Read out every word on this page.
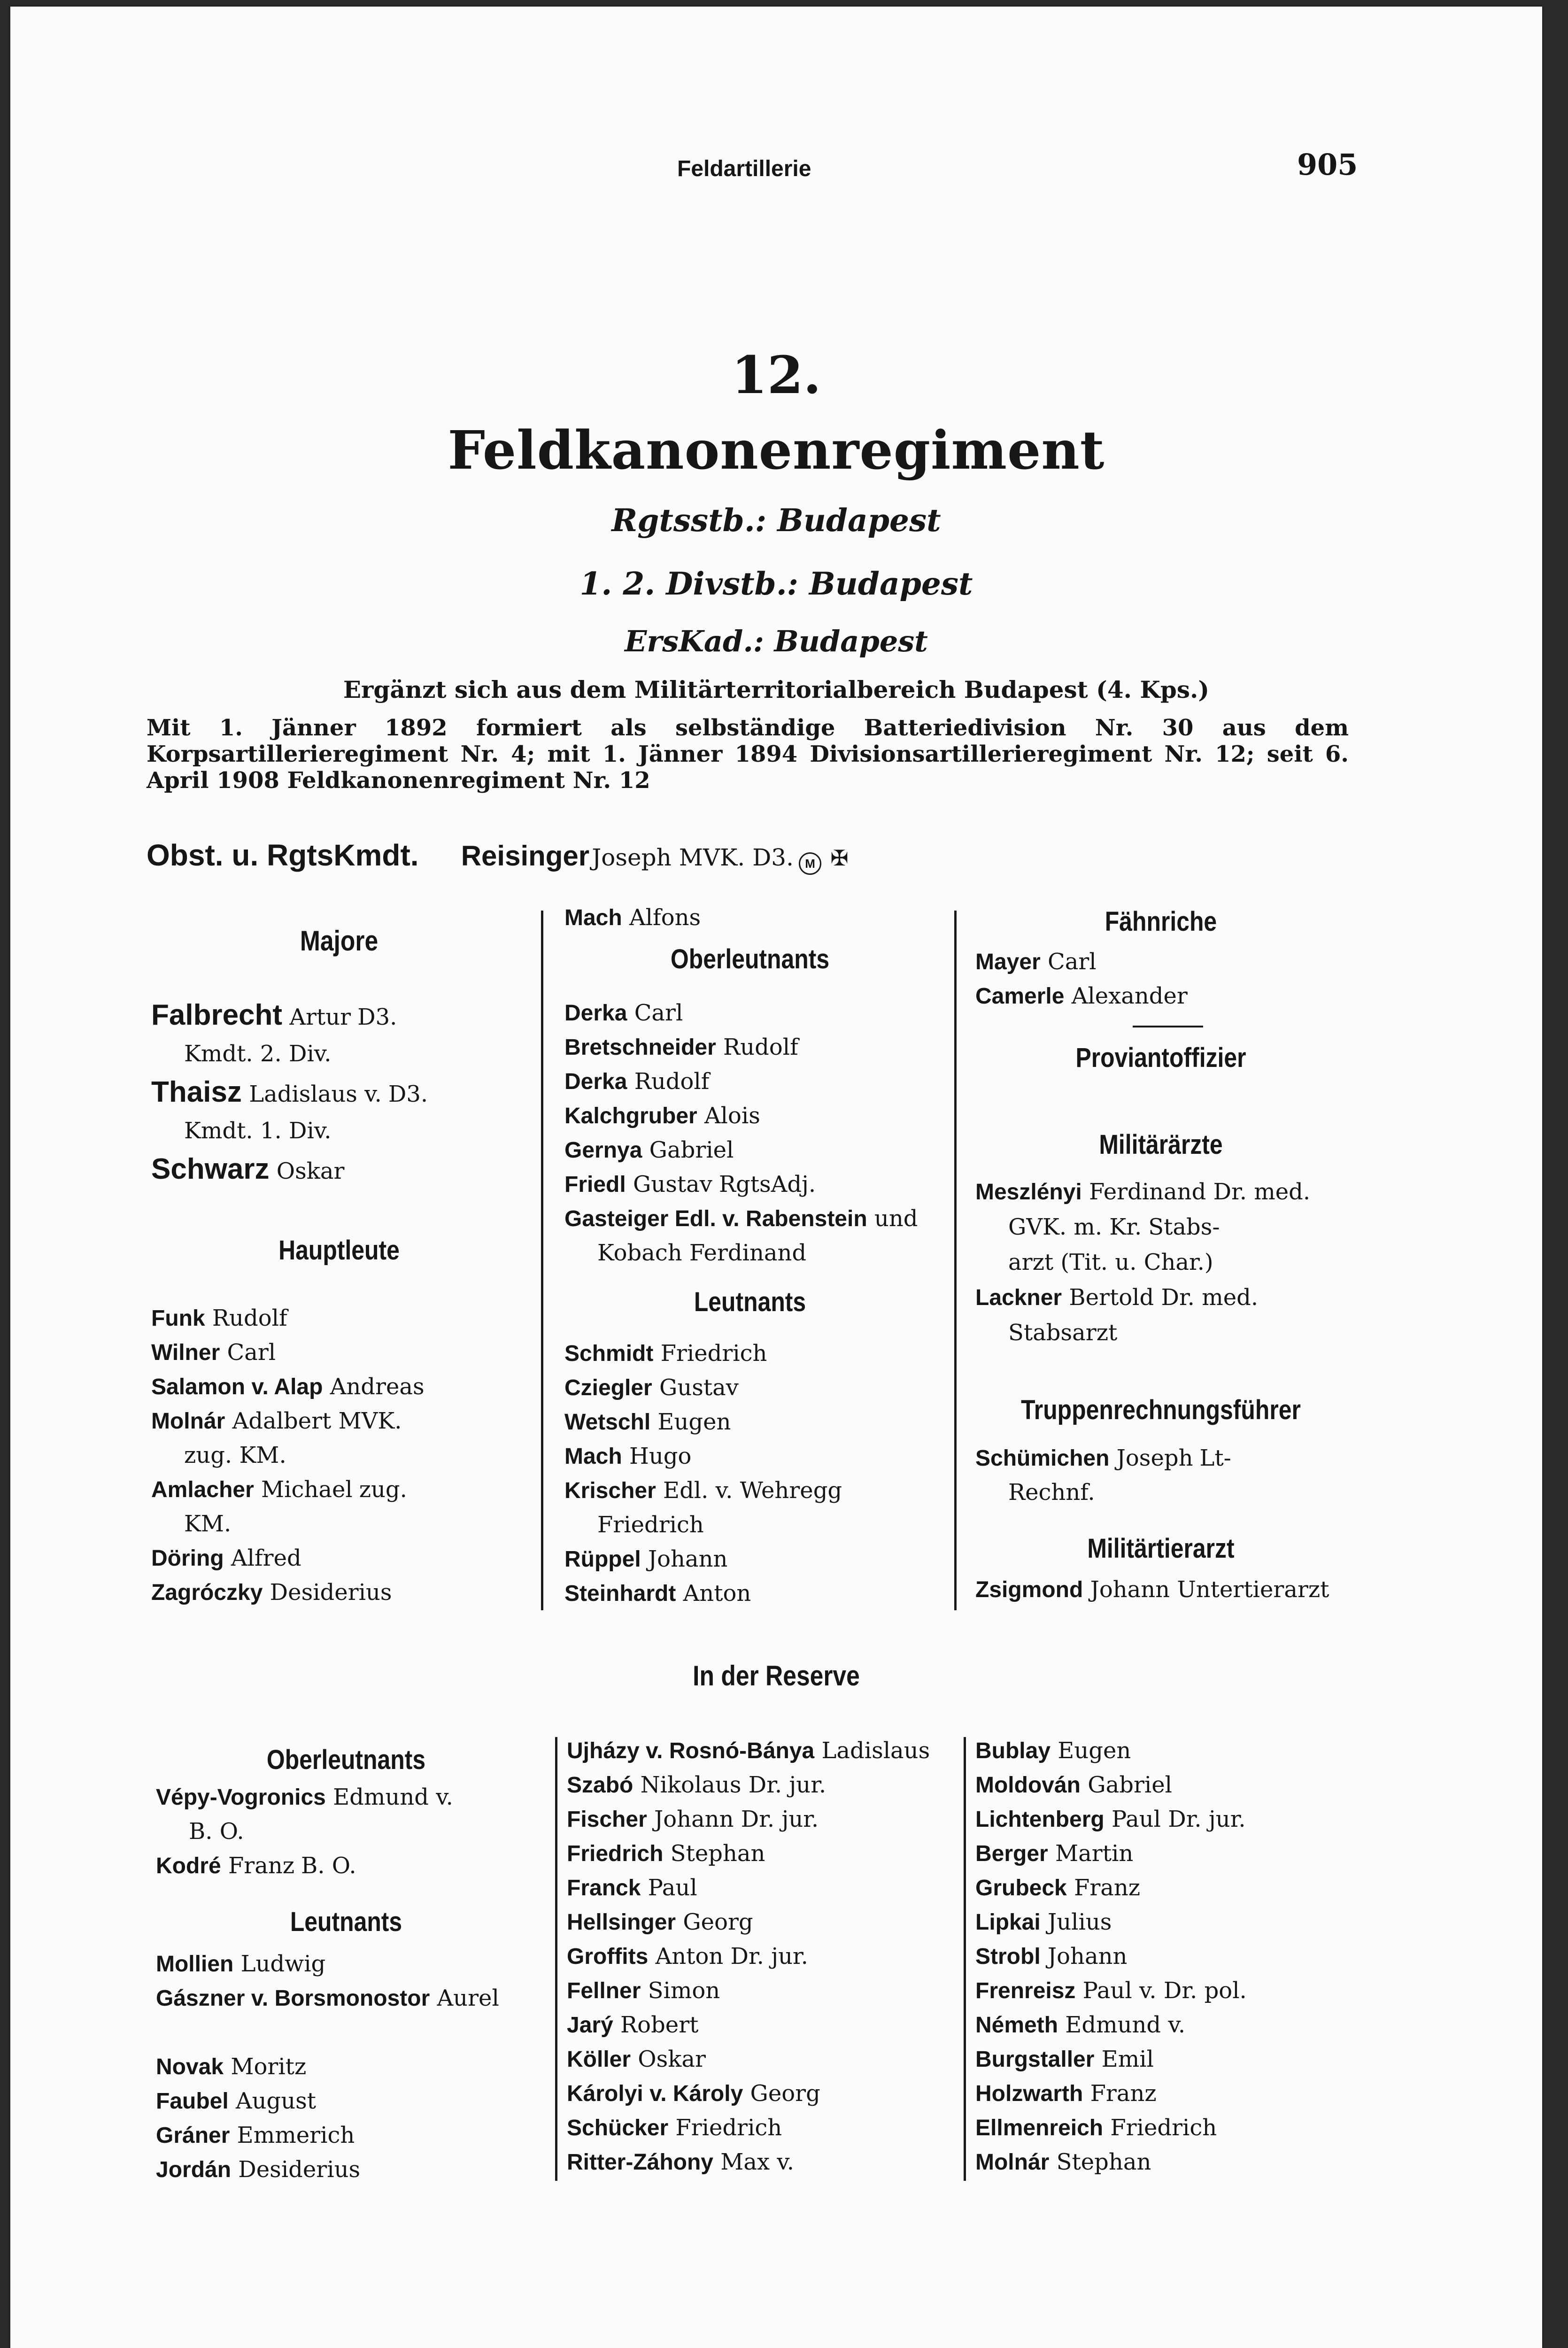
Feldartillerie	905
12.
Feldkanonenregiment
Rgtsstb.: Budapest
1. 2. Divstb.: Budapest
ErsKad.: Budapest
Ergänzt sich aus dem Militärterritorialbereich Budapest (4. Kps.)
Mit 1. Jänner 1892 formiert als selbständige Batteriedivision Nr. 30 aus dem Korpsartillerieregiment Nr. 4; mit 1. Jänner 1894 Divisionsartillerieregiment Nr. 12; seit 6. April 1908 Feldkanonenregiment Nr. 12
Obst. u. RgtsKmdt. Reisinger Joseph MVK. D3. M ✠
Majore
Falbrecht Artur D3.
Kmdt. 2. Div.
Thaisz Ladislaus v. D3.
Kmdt. 1. Div.
Schwarz Oskar
Hauptleute
Funk Rudolf
Wilner Carl
Salamon v. Alap Andreas
Molnár Adalbert MVK.
zug. KM.
Amlacher Michael zug.
KM.
Döring Alfred
Zagróczky Desiderius
Mach Alfons
Oberleutnants
Derka Carl
Bretschneider Rudolf
Derka Rudolf
Kalchgruber Alois
Gernya Gabriel
Friedl Gustav RgtsAdj.
Gasteiger Edl. v. Rabenstein und
Kobach Ferdinand
Leutnants
Schmidt Friedrich
Cziegler Gustav
Wetschl Eugen
Mach Hugo
Krischer Edl. v. Wehregg
Friedrich
Rüppel Johann
Steinhardt Anton
Fähnriche
Mayer Carl
Camerle Alexander
Proviantoffizier
Militärärzte
Meszlényi Ferdinand Dr. med.
GVK. m. Kr. Stabs-
arzt (Tit. u. Char.)
Lackner Bertold Dr. med.
Stabsarzt
Truppenrechnungsführer
Schümichen Joseph Lt-
Rechnf.
Militärtierarzt
Zsigmond Johann Untertierarzt
In der Reserve
Oberleutnants
Vépy-Vogronics Edmund v.
B. O.
Kodré Franz B. O.
Leutnants
Mollien Ludwig
Gászner v. Borsmonostor Aurel
Novak Moritz
Faubel August
Gráner Emmerich
Jordán Desiderius
Ujházy v. Rosnó-Bánya Ladislaus
Szabó Nikolaus Dr. jur.
Fischer Johann Dr. jur.
Friedrich Stephan
Franck Paul
Hellsinger Georg
Groffits Anton Dr. jur.
Fellner Simon
Jarý Robert
Köller Oskar
Károlyi v. Károly Georg
Schücker Friedrich
Ritter-Záhony Max v.
Bublay Eugen
Moldován Gabriel
Lichtenberg Paul Dr. jur.
Berger Martin
Grubeck Franz
Lipkai Julius
Strobl Johann
Frenreisz Paul v. Dr. pol.
Németh Edmund v.
Burgstaller Emil
Holzwarth Franz
Ellmenreich Friedrich
Molnár Stephan
